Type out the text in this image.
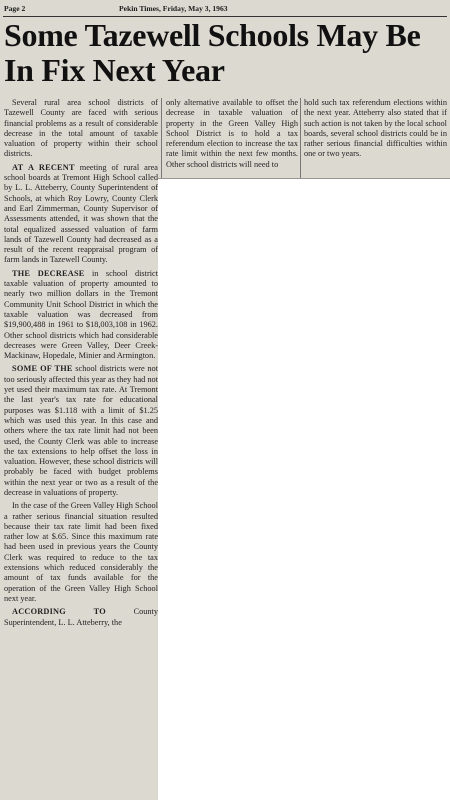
Page 2	Pekin Times, Friday, May 3, 1963
Some Tazewell Schools May Be In Fix Next Year

Several rural area school districts of Tazewell County are faced with serious financial problems as a result of considerable decrease in the total amount of taxable valuation of property within their school districts.

AT A RECENT meeting of rural area school boards at Tremont High School called by L. L. Atteberry, County Superintendent of Schools, at which Roy Lowry, County Clerk and Earl Zimmerman, County Supervisor of Assessments attended, it was shown that the total equalized assessed valuation of farm lands of Tazewell County had decreased as a result of the recent reappraisal program of farm lands in Tazewell County.

THE DECREASE in school district taxable valuation of property amounted to nearly two million dollars in the Tremont Community Unit School District in which the taxable valuation was decreased from $19,900,488 in 1961 to $18,003,108 in 1962. Other school districts which had considerable decreases were Green Valley, Deer Creek-Mackinaw, Hopedale, Minier and Armington.

SOME OF THE school districts were not too seriously affected this year as they had not yet used their maximum tax rate. At Tremont the last year's tax rate for educational purposes was $1.118 with a limit of $1.25 which was used this year. In this case and others where the tax rate limit had not been used, the County Clerk was able to increase the tax extensions to help offset the loss in valuation. However, these school districts will probably be faced with budget problems within the next year or two as a result of the decrease in valuations of property.

In the case of the Green Valley High School a rather serious financial situation resulted because their tax rate limit had been fixed rather low at $.65. Since this maximum rate had been used in previous years the County Clerk was required to reduce to the tax extensions which reduced considerably the amount of tax funds available for the operation of the Green Valley High School next year.

ACCORDING TO County Superintendent, L. L. Atteberry, the

only alternative available to offset the decrease in taxable valuation of property in the Green Valley High School District is to hold a tax referendum election to increase the tax rate limit within the next few months. Other school districts will need to

hold such tax referendum elections within the next year. Atteberry also stated that if such action is not taken by the local school boards, several school districts could be in rather serious financial difficulties within one or two years.
